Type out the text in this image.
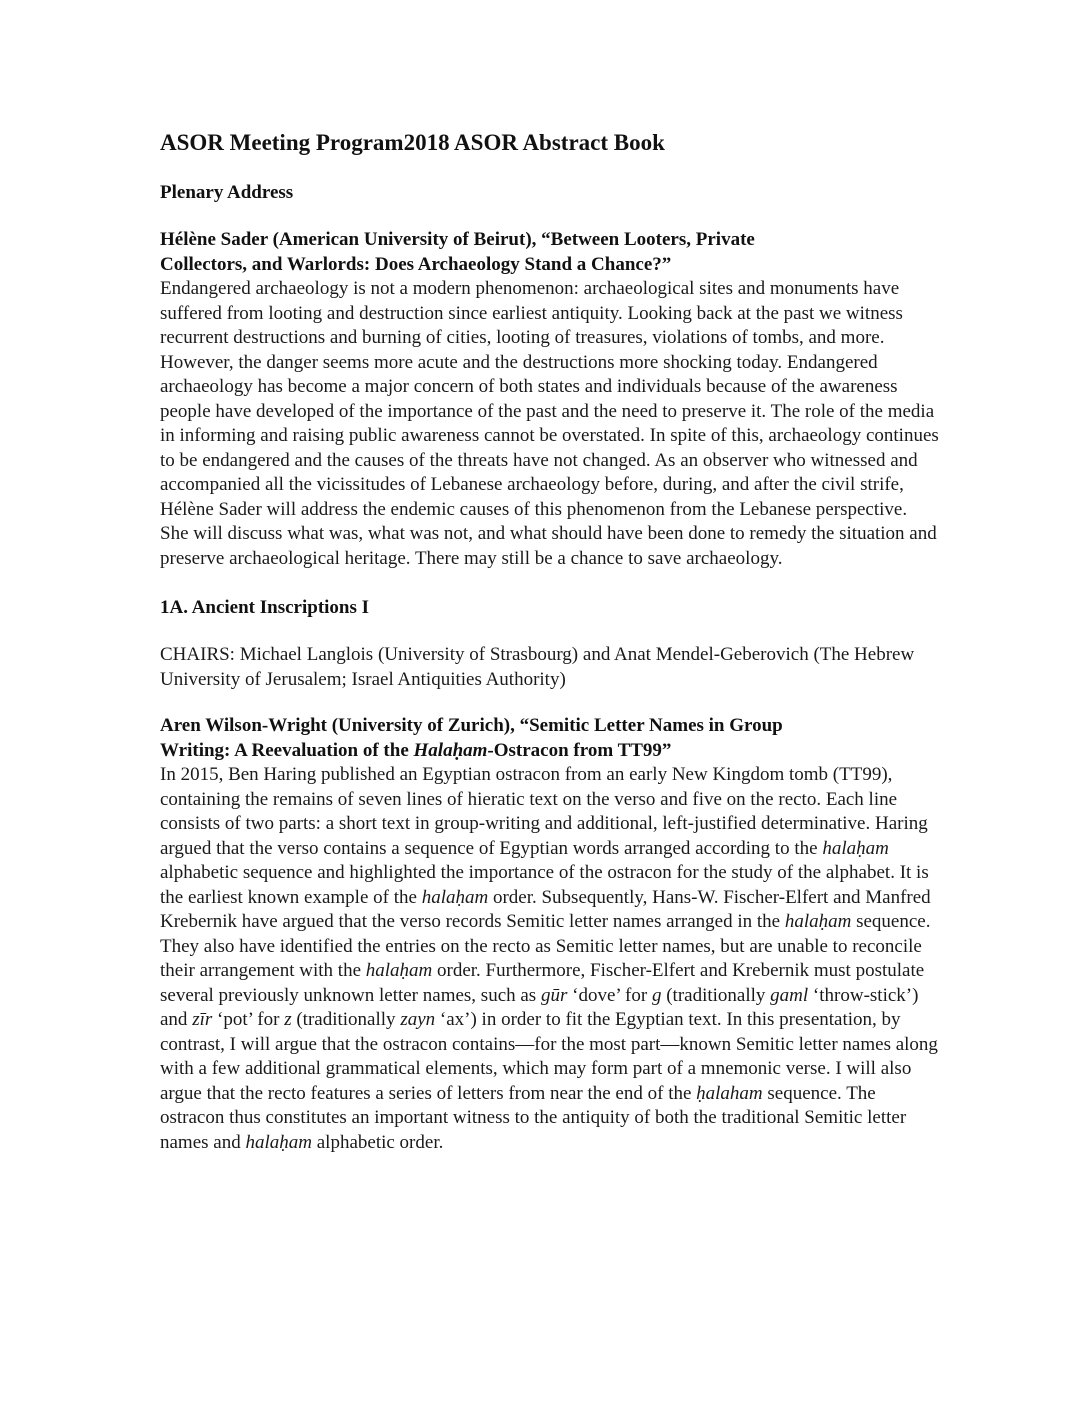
ASOR Meeting Program2018 ASOR Abstract Book
Plenary Address

Hélène Sader (American University of Beirut), “Between Looters, Private
Collectors, and Warlords: Does Archaeology Stand a Chance?”

Endangered archaeology is not a modern phenomenon: archaeological sites and monuments have suffered from looting and destruction since earliest antiquity. Looking back at the past we witness recurrent destructions and burning of cities, looting of treasures, violations of tombs, and more. However, the danger seems more acute and the destructions more shocking today. Endangered archaeology has become a major concern of both states and individuals because of the awareness people have developed of the importance of the past and the need to preserve it. The role of the media in informing and raising public awareness cannot be overstated. In spite of this, archaeology continues to be endangered and the causes of the threats have not changed. As an observer who witnessed and accompanied all the vicissitudes of Lebanese archaeology before, during, and after the civil strife, Hélène Sader will address the endemic causes of this phenomenon from the Lebanese perspective. She will discuss what was, what was not, and what should have been done to remedy the situation and preserve archaeological heritage. There may still be a chance to save archaeology.

1A. Ancient Inscriptions I

CHAIRS: Michael Langlois (University of Strasbourg) and Anat Mendel-Geberovich (The Hebrew University of Jerusalem; Israel Antiquities Authority)

Aren Wilson-Wright (University of Zurich), “Semitic Letter Names in Group
Writing: A Reevaluation of the Halaḥam-Ostracon from TT99”

In 2015, Ben Haring published an Egyptian ostracon from an early New Kingdom tomb (TT99), containing the remains of seven lines of hieratic text on the verso and five on the recto. Each line consists of two parts: a short text in group-writing and additional, left-justified determinative. Haring argued that the verso contains a sequence of Egyptian words arranged according to the halaḥam alphabetic sequence and highlighted the importance of the ostracon for the study of the alphabet. It is the earliest known example of the halaḥam order. Subsequently, Hans-W. Fischer-Elfert and Manfred Krebernik have argued that the verso records Semitic letter names arranged in the halaḥam sequence. They also have identified the entries on the recto as Semitic letter names, but are unable to reconcile their arrangement with the halaḥam order. Furthermore, Fischer-Elfert and Krebernik must postulate several previously unknown letter names, such as gūr ‘dove’ for g (traditionally gaml ‘throw-stick’) and zīr ‘pot’ for z (traditionally zayn ‘ax’) in order to fit the Egyptian text. In this presentation, by contrast, I will argue that the ostracon contains—for the most part—known Semitic letter names along with a few additional grammatical elements, which may form part of a mnemonic verse. I will also argue that the recto features a series of letters from near the end of the ḥalaham sequence. The ostracon thus constitutes an important witness to the antiquity of both the traditional Semitic letter names and halaḥam alphabetic order.
